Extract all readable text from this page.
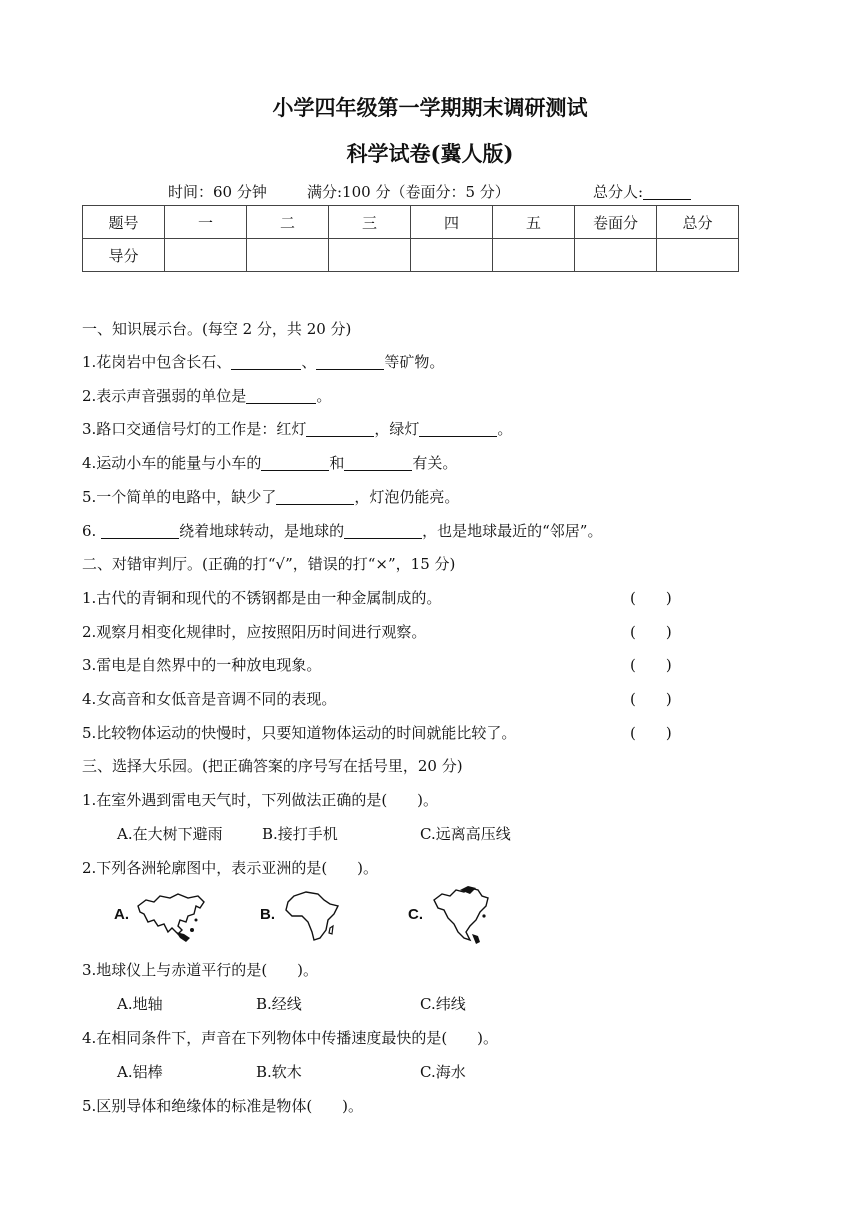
小学四年级第一学期期末调研测试
科学试卷(冀人版)
时间：60 分钟	满分:100 分（卷面分：5 分）	总分人:
题号	一	二	三	四	五	卷面分	总分
导分							
一、知识展示台。(每空 2 分，共 20 分)
1.花岗岩中包含长石、	、	等矿物。
2.表示声音强弱的单位是	。
3.路口交通信号灯的工作是：红灯	，绿灯	。
4.运动小车的能量与小车的	和	有关。
5.一个简单的电路中，缺少了	，灯泡仍能亮。
6.	绕着地球转动，是地球的	，也是地球最近的“邻居”。
二、对错审判厅。(正确的打“√”，错误的打“×”，15 分)
1.古代的青铜和现代的不锈钢都是由一种金属制成的。	(　　)
2.观察月相变化规律时，应按照阳历时间进行观察。	(　　)
3.雷电是自然界中的一种放电现象。	(　　)
4.女高音和女低音是音调不同的表现。	(　　)
5.比较物体运动的快慢时，只要知道物体运动的时间就能比较了。	(　　)
三、选择大乐园。(把正确答案的序号写在括号里，20 分)
1.在室外遇到雷电天气时，下列做法正确的是(　　)。
A.在大树下避雨	B.接打手机	C.远离高压线
2.下列各洲轮廓图中，表示亚洲的是(　　)。
A.	B.	C.
3.地球仪上与赤道平行的是(　　)。
A.地轴	B.经线	C.纬线
4.在相同条件下，声音在下列物体中传播速度最快的是(　　)。
A.铝棒	B.软木	C.海水
5.区别导体和绝缘体的标准是物体(　　)。
